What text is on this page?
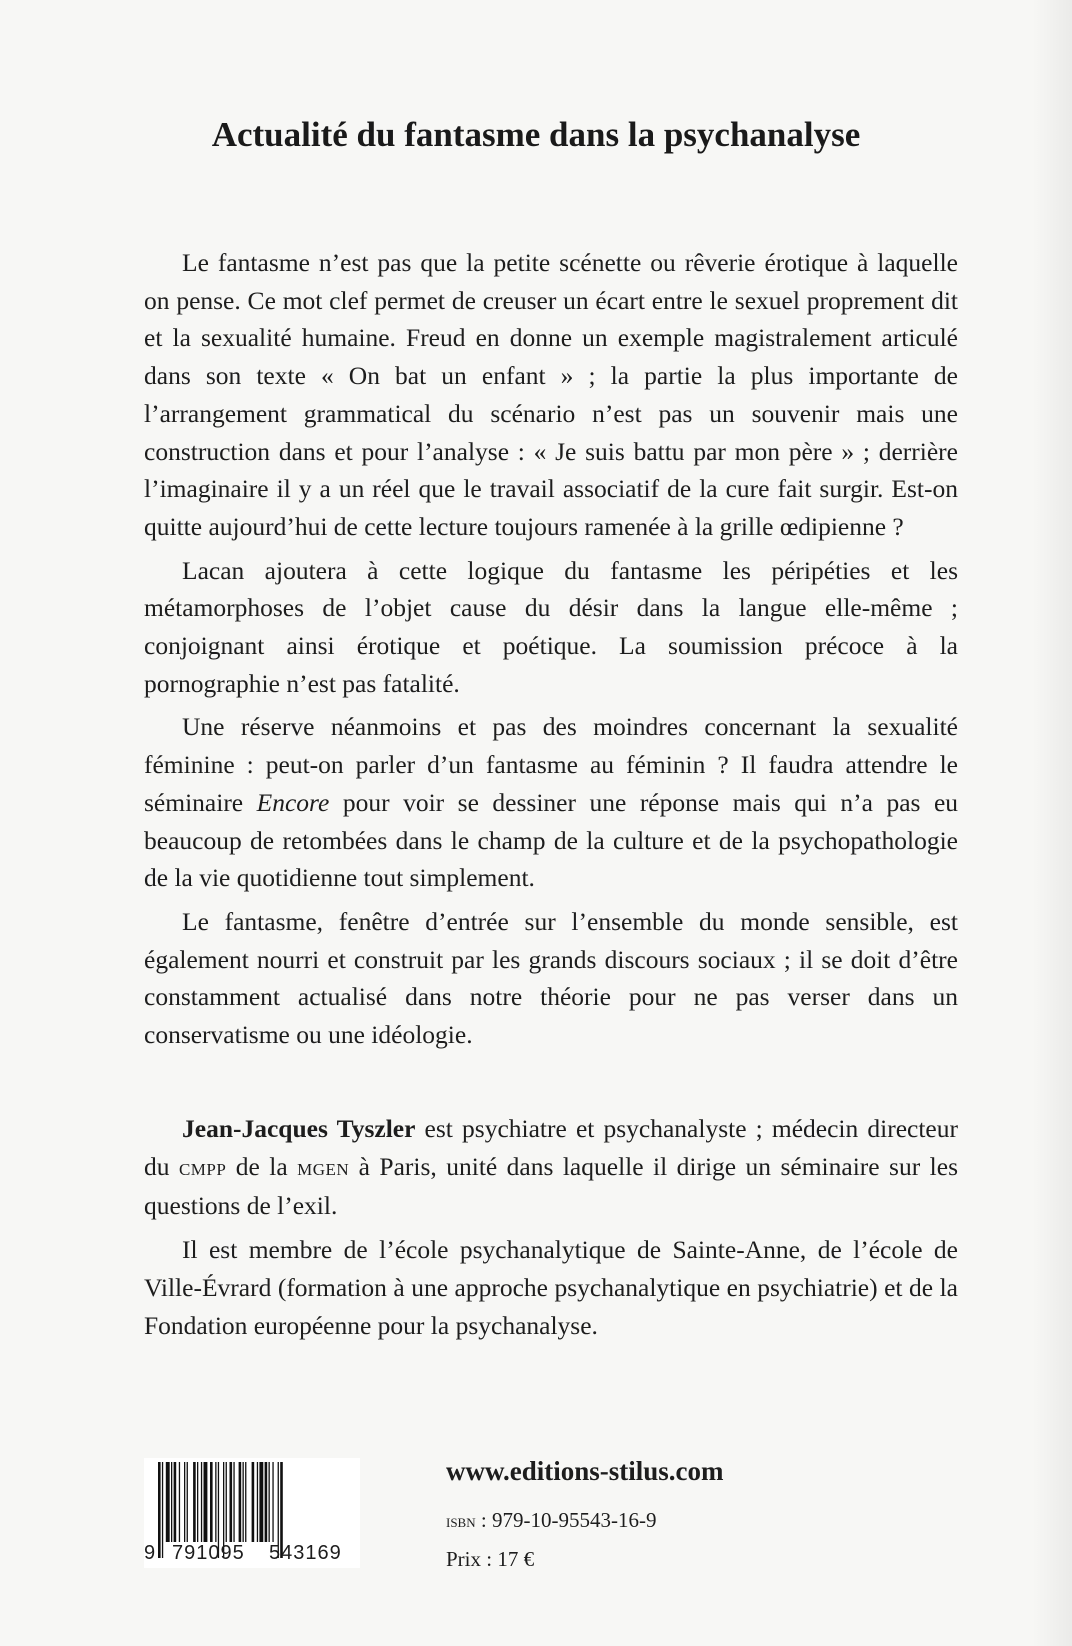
Actualité du fantasme dans la psychanalyse

Le fantasme n’est pas que la petite scénette ou rêverie érotique à laquelle on pense. Ce mot clef permet de creuser un écart entre le sexuel proprement dit et la sexualité humaine. Freud en donne un exemple magistralement articulé dans son texte « On bat un enfant » ; la partie la plus importante de l’arrangement grammatical du scénario n’est pas un souvenir mais une construction dans et pour l’analyse : « Je suis battu par mon père » ; derrière l’imaginaire il y a un réel que le travail associatif de la cure fait surgir. Est-on quitte aujourd’hui de cette lecture toujours ramenée à la grille œdipienne ?

Lacan ajoutera à cette logique du fantasme les péripéties et les métamorphoses de l’objet cause du désir dans la langue elle-même ; conjoignant ainsi érotique et poétique. La soumission précoce à la pornographie n’est pas fatalité.

Une réserve néanmoins et pas des moindres concernant la sexualité féminine : peut-on parler d’un fantasme au féminin ? Il faudra attendre le séminaire Encore pour voir se dessiner une réponse mais qui n’a pas eu beaucoup de retombées dans le champ de la culture et de la psychopathologie de la vie quotidienne tout simplement.

Le fantasme, fenêtre d’entrée sur l’ensemble du monde sensible, est également nourri et construit par les grands discours sociaux ; il se doit d’être constamment actualisé dans notre théorie pour ne pas verser dans un conservatisme ou une idéologie.

Jean-Jacques Tyszler est psychiatre et psychanalyste ; médecin directeur du cmpp de la mgen à Paris, unité dans laquelle il dirige un séminaire sur les questions de l’exil.

Il est membre de l’école psychanalytique de Sainte-Anne, de l’école de Ville-Évrard (formation à une approche psychanalytique en psychiatrie) et de la Fondation européenne pour la psychanalyse.

9 791095 543169

www.editions-stilus.com

isbn : 979-10-95543-16-9
Prix : 17 €
